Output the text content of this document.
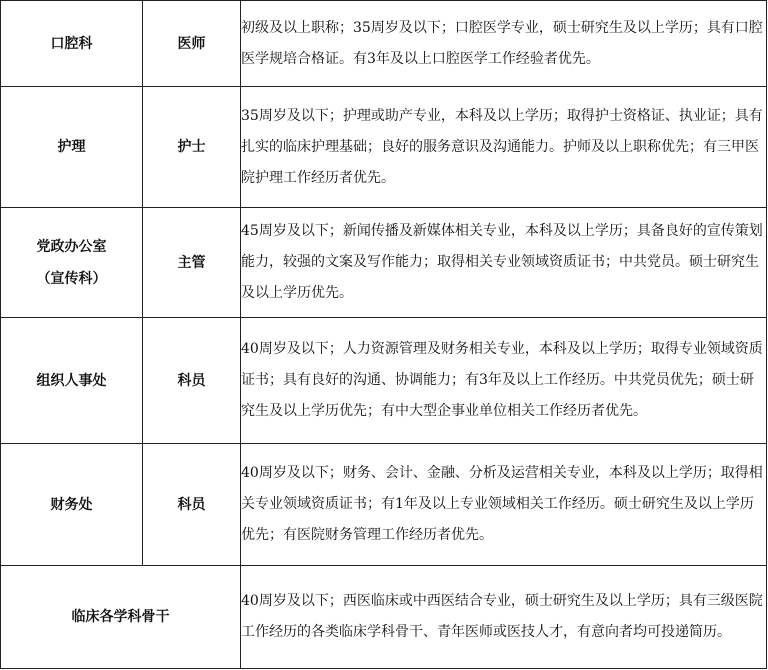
口腔科	医师	初级及以上职称；35周岁及以下；口腔医学专业，硕士研究生及以上学历；具有口腔医学规培合格证。有3年及以上口腔医学工作经验者优先。
护理	护士	35周岁及以下；护理或助产专业，本科及以上学历；取得护士资格证、执业证；具有扎实的临床护理基础；良好的服务意识及沟通能力。护师及以上职称优先；有三甲医院护理工作经历者优先。

党政办公室
（宣传科）	主管	45周岁及以下；新闻传播及新媒体相关专业，本科及以上学历；具备良好的宣传策划能力，较强的文案及写作能力；取得相关专业领域资质证书；中共党员。硕士研究生及以上学历优先。
组织人事处	科员	40周岁及以下；人力资源管理及财务相关专业，本科及以上学历；取得专业领域资质证书；具有良好的沟通、协调能力；有3年及以上工作经历。中共党员优先；硕士研究生及以上学历优先；有中大型企事业单位相关工作经历者优先。
财务处	科员	40周岁及以下；财务、会计、金融、分析及运营相关专业，本科及以上学历；取得相关专业领域资质证书；有1年及以上专业领域相关工作经历。硕士研究生及以上学历优先；有医院财务管理工作经历者优先。
临床各学科骨干		40周岁及以下；西医临床或中西医结合专业，硕士研究生及以上学历；具有三级医院工作经历的各类临床学科骨干、青年医师或医技人才，有意向者均可投递简历。
